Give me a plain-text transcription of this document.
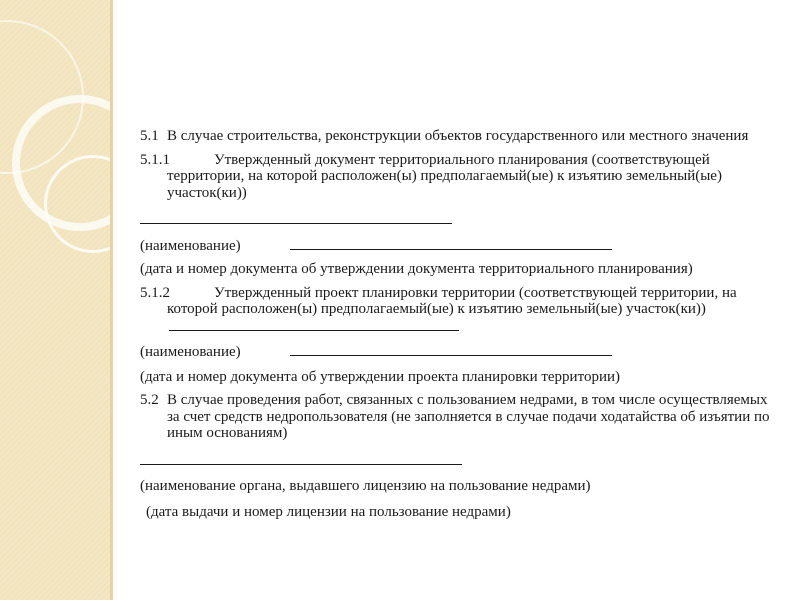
5.1 В случае строительства, реконструкции объектов государственного или местного значения

5.1.1	Утвержденный документ территориального планирования (соответствующей территории, на которой расположен(ы) предполагаемый(ые) к изъятию земельный(ые) участок(ки))

(наименование)

(дата и номер документа об утверждении документа территориального планирования)

5.1.2	Утвержденный проект планировки территории (соответствующей территории, на которой расположен(ы) предполагаемый(ые) к изъятию земельный(ые) участок(ки))

(наименование)

(дата и номер документа об утверждении проекта планировки территории)

5.2 В случае проведения работ, связанных с пользованием недрами, в том числе осуществляемых за счет средств недропользователя (не заполняется в случае подачи ходатайства об изъятии по иным основаниям)

(наименование органа, выдавшего лицензию на пользование недрами)

(дата выдачи и номер лицензии на пользование недрами)
